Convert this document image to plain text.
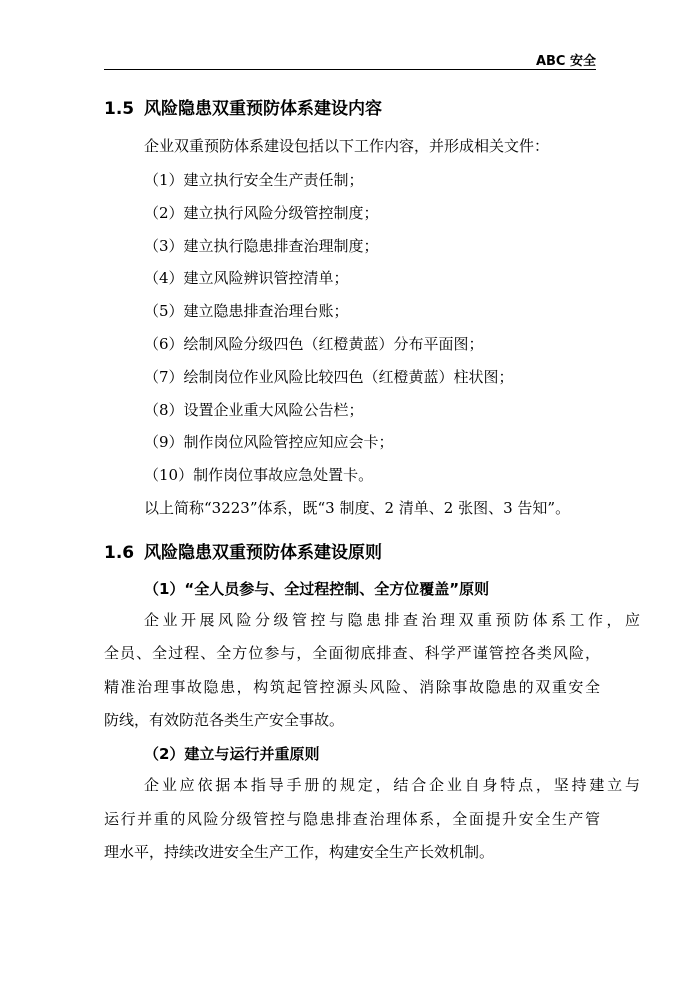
ABC 安全
1.5 风险隐患双重预防体系建设内容
企业双重预防体系建设包括以下工作内容，并形成相关文件：
（1）建立执行安全生产责任制；
（2）建立执行风险分级管控制度；
（3）建立执行隐患排查治理制度；
（4）建立风险辨识管控清单；
（5）建立隐患排查治理台账；
（6）绘制风险分级四色（红橙黄蓝）分布平面图；
（7）绘制岗位作业风险比较四色（红橙黄蓝）柱状图；
（8）设置企业重大风险公告栏；
（9）制作岗位风险管控应知应会卡；
（10）制作岗位事故应急处置卡。
以上简称“3223”体系，既“3 制度、2 清单、2 张图、3 告知”。
1.6 风险隐患双重预防体系建设原则
（1）“全人员参与、全过程控制、全方位覆盖”原则
企业开展风险分级管控与隐患排查治理双重预防体系工作，应
全员、全过程、全方位参与，全面彻底排查、科学严谨管控各类风险，
精准治理事故隐患，构筑起管控源头风险、消除事故隐患的双重安全
防线，有效防范各类生产安全事故。
（2）建立与运行并重原则
企业应依据本指导手册的规定，结合企业自身特点，坚持建立与
运行并重的风险分级管控与隐患排查治理体系，全面提升安全生产管
理水平，持续改进安全生产工作，构建安全生产长效机制。
